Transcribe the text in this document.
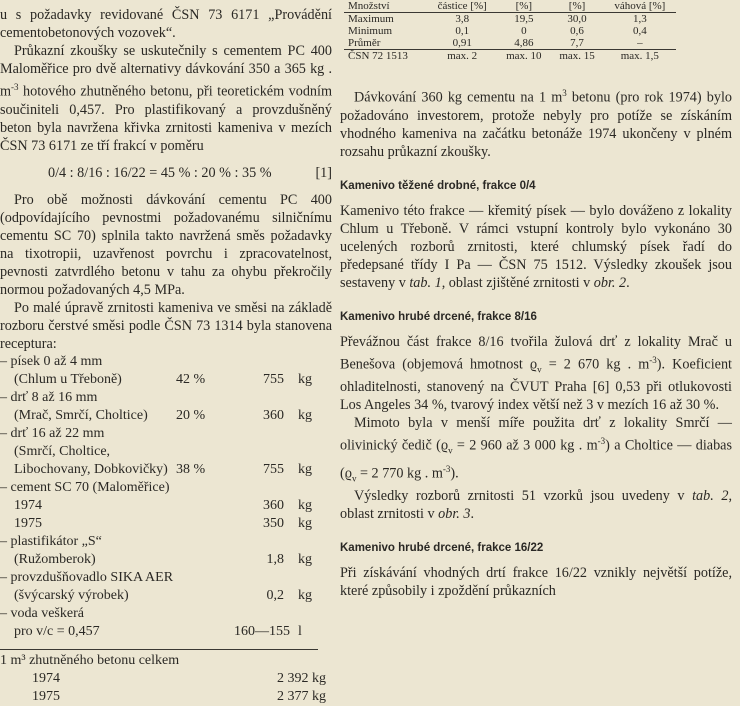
u s požadavky revidované ČSN 73 6171 „Provádění cementobetonových vozovek“.

Průkazní zkoušky se uskutečnily s cementem PC 400 Maloměřice pro dvě alternativy dávkování 350 a 365 kg . $m^{-3}$ hotového zhutněného betonu, při teoretickém vodním součiniteli 0,457. Pro plastifikovaný a provzdušněný beton byla navržena křivka zrnitosti kameniva v mezích ČSN 73 6171 ze tří frakcí v poměru

0/4 : 8/16 : 16/22 = 45 % : 20 % : 35 %	[1]

Pro obě možnosti dávkování cementu PC 400 (odpovídajícího pevnostmi požadovanému silničnímu cementu SC 70) splnila takto navržená směs požadavky na tixotropii, uzavřenost povrchu i zpracovatelnost, pevnosti zatvrdlého betonu v tahu za ohybu překročily normou požadovaných 4,5 MPa.

Po malé úpravě zrnitosti kameniva ve směsi na základě rozboru čerstvé směsi podle ČSN 73 1314 byla stanovena receptura:

– písek 0 až 4 mm
(Chlum u Třeboně)	42 %	755	kg
– drť 8 až 16 mm
(Mrač, Smrčí, Choltice)	20 %	360	kg
– drť 16 až 22 mm
(Smrčí, Choltice,
Libochovany, Dobkovičky) 38 %	755	kg
– cement SC 70 (Maloměřice)
1974	360	kg
1975	350	kg
– plastifikátor „S“
(Ružomberok)	1,8	kg
– provzdušňovadlo SIKA AER
(švýcarský výrobek)	0,2	kg
– voda veškerá
pro v/c = 0,457	160—155 l
1 m³ zhutněného betonu celkem
1974	2 392 kg
1975	2 377 kg
Množství	částice [%]	[%]	[%]	váhová [%]
Maximum	3,8	19,5	30,0	1,3
Minimum	0,1	0	0,6	0,4
Průměr	0,91	4,86	7,7	–
ČSN 72 1513	max. 2	max. 10	max. 15	max. 1,5

Dávkování 360 kg cementu na 1 $m^3$ betonu (pro rok 1974) bylo požadováno investorem, protože nebyly pro potíže se získáním vhodného kameniva na začátku betonáže 1974 ukončeny v plném rozsahu průkazní zkoušky.

Kamenivo těžené drobné, frakce 0/4

Kamenivo této frakce — křemitý písek — bylo dováženo z lokality Chlum u Třeboně. V rámci vstupní kontroly bylo vykonáno 30 ucelených rozborů zrnitosti, které chlumský písek řadí do předepsané třídy I Pa — ČSN 75 1512. Výsledky zkoušek jsou sestaveny v tab. 1, oblast zjištěné zrnitosti v obr. 2.

Kamenivo hrubé drcené, frakce 8/16

Převážnou část frakce 8/16 tvořila žulová drť z lokality Mrač u Benešova (objemová hmotnost $ϱ_v = 2$ 670 kg . $m^{-3}$). Koeficient ohladitelnosti, stanovený na ČVUT Praha [6] 0,53 při otlukovosti Los Angeles 34 %, tvarový index větší než 3 v mezích 16 až 30 %.

Mimoto byla v menší míře použita drť z lokality Smrčí — olivinický čedič ($ϱ_v = 2$ 960 až 3 000 kg . $m^{-3}$) a Choltice — diabas ($ϱ_v = 2$ 770 kg . $m^{-3}$).

Výsledky rozborů zrnitosti 51 vzorků jsou uvedeny v tab. 2, oblast zrnitosti v obr. 3.

Kamenivo hrubé drcené, frakce 16/22

Při získávání vhodných drtí frakce 16/22 vznikly největší potíže, které způsobily i zpoždění průkazních
